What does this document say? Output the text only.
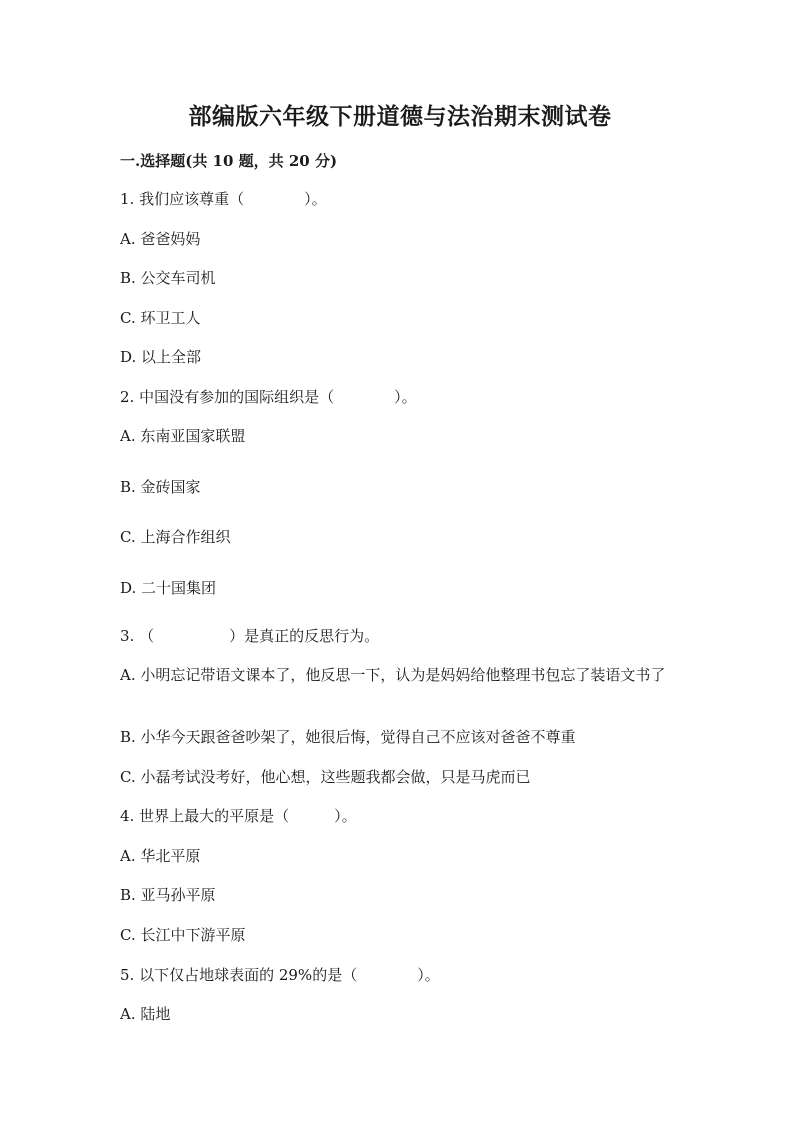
部编版六年级下册道德与法治期末测试卷
一.选择题(共 10 题，共 20 分)
1. 我们应该尊重（　　　　）。
A. 爸爸妈妈
B. 公交车司机
C. 环卫工人
D. 以上全部
2. 中国没有参加的国际组织是（　　　　）。
A. 东南亚国家联盟
B. 金砖国家
C. 上海合作组织
D. 二十国集团
3. （　　　　　）是真正的反思行为。
A. 小明忘记带语文课本了，他反思一下，认为是妈妈给他整理书包忘了装语文书了
B. 小华今天跟爸爸吵架了，她很后悔，觉得自己不应该对爸爸不尊重
C. 小磊考试没考好，他心想，这些题我都会做，只是马虎而已
4. 世界上最大的平原是（　　　）。
A. 华北平原
B. 亚马孙平原
C. 长江中下游平原
5. 以下仅占地球表面的 29%的是（　　　　）。
A. 陆地
